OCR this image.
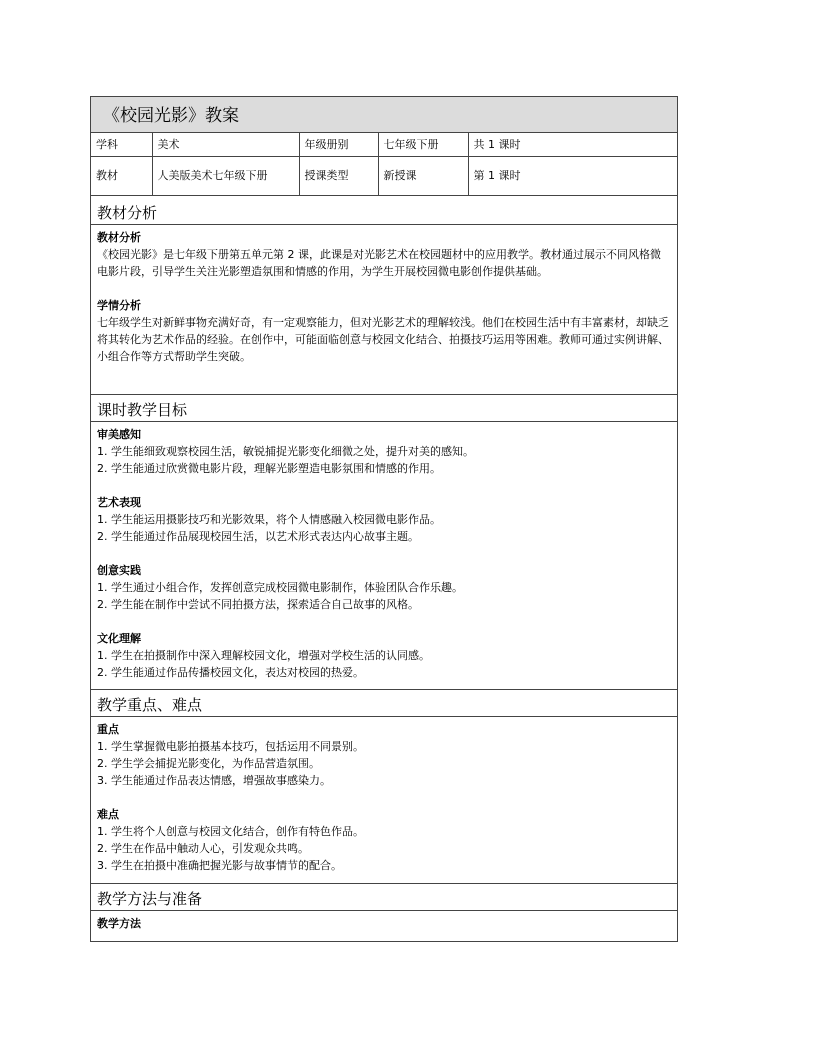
《校园光影》教案
学科	美术	年级册别	七年级下册	共 1 课时
教材	人美版美术七年级下册	授课类型	新授课	第 1 课时
教材分析
教材分析

《校园光影》是七年级下册第五单元第 2 课，此课是对光影艺术在校园题材中的应用教学。教材通过展示不同风格微电影片段，引导学生关注光影塑造氛围和情感的作用，为学生开展校园微电影创作提供基础。

学情分析

七年级学生对新鲜事物充满好奇，有一定观察能力，但对光影艺术的理解较浅。他们在校园生活中有丰富素材，却缺乏将其转化为艺术作品的经验。在创作中，可能面临创意与校园文化结合、拍摄技巧运用等困难。教师可通过实例讲解、小组合作等方式帮助学生突破。

课时教学目标
审美感知
1. 学生能细致观察校园生活，敏锐捕捉光影变化细微之处，提升对美的感知。
2. 学生能通过欣赏微电影片段，理解光影塑造电影氛围和情感的作用。
艺术表现
1. 学生能运用摄影技巧和光影效果，将个人情感融入校园微电影作品。
2. 学生能通过作品展现校园生活，以艺术形式表达内心故事主题。
创意实践
1. 学生通过小组合作，发挥创意完成校园微电影制作，体验团队合作乐趣。
2. 学生能在制作中尝试不同拍摄方法，探索适合自己故事的风格。
文化理解
1. 学生在拍摄制作中深入理解校园文化，增强对学校生活的认同感。
2. 学生能通过作品传播校园文化，表达对校园的热爱。
教学重点、难点
重点
1. 学生掌握微电影拍摄基本技巧，包括运用不同景别。
2. 学生学会捕捉光影变化，为作品营造氛围。
3. 学生能通过作品表达情感，增强故事感染力。
难点
1. 学生将个人创意与校园文化结合，创作有特色作品。
2. 学生在作品中触动人心，引发观众共鸣。
3. 学生在拍摄中准确把握光影与故事情节的配合。
教学方法与准备
教学方法
